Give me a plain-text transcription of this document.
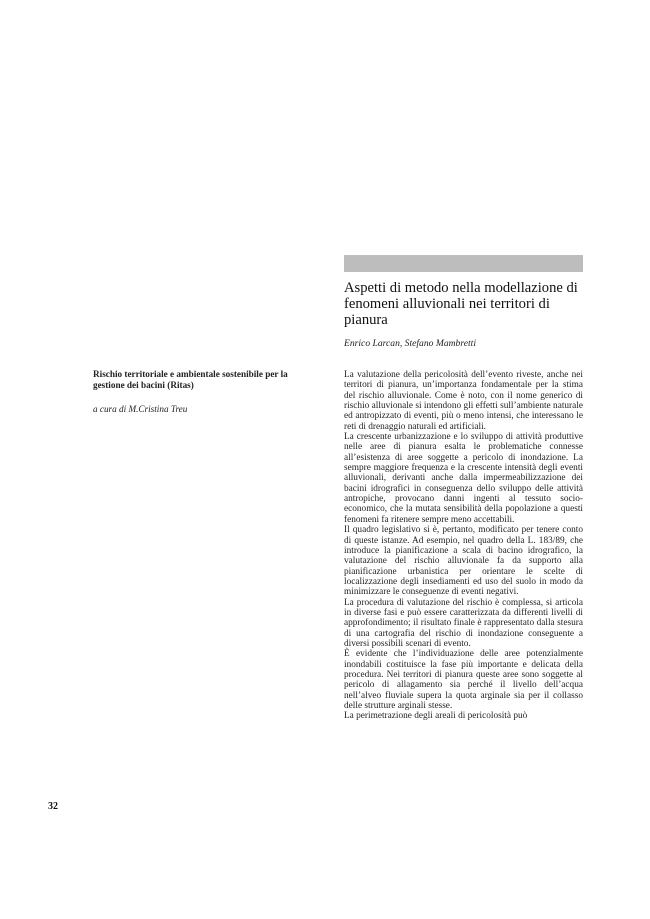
Aspetti di metodo nella modellazione di fenomeni alluvionali nei territori di pianura

Enrico Larcan, Stefano Mambretti

Rischio territoriale e ambientale sostenibile per la gestione dei bacini (Ritas)

a cura di M.Cristina Treu

La valutazione della pericolosità dell’evento riveste, anche nei territori di pianura, un’importanza fondamentale per la stima del rischio alluvionale. Come è noto, con il nome generico di rischio alluvionale si intendono gli effetti sull’ambiente naturale ed antropizzato di eventi, più o meno intensi, che interessano le reti di drenaggio naturali ed artificiali.

La crescente urbanizzazione e lo sviluppo di attività produttive nelle aree di pianura esalta le problematiche connesse all’esistenza di aree soggette a pericolo di inondazione. La sempre maggiore frequenza e la crescente intensità degli eventi alluvionali, derivanti anche dalla impermeabilizzazione dei bacini idrografici in conseguenza dello sviluppo delle attività antropiche, provocano danni ingenti al tessuto socio-economico, che la mutata sensibilità della popolazione a questi fenomeni fa ritenere sempre meno accettabili.

Il quadro legislativo si è, pertanto, modificato per tenere conto di queste istanze. Ad esempio, nel quadro della L. 183/89, che introduce la pianificazione a scala di bacino idrografico, la valutazione del rischio alluvionale fa da supporto alla pianificazione urbanistica per orientare le scelte di localizzazione degli insediamenti ed uso del suolo in modo da minimizzare le conseguenze di eventi negativi.

La procedura di valutazione del rischio è complessa, si articola in diverse fasi e può essere caratterizzata da differenti livelli di approfondimento; il risultato finale è rappresentato dalla stesura di una cartografia del rischio di inondazione conseguente a diversi possibili scenari di evento.

È evidente che l’individuazione delle aree potenzialmente inondabili costituisce la fase più importante e delicata della procedura. Nei territori di pianura queste aree sono soggette al pericolo di allagamento sia perché il livello dell’acqua nell’alveo fluviale supera la quota arginale sia per il collasso delle strutture arginali stesse.

La perimetrazione degli areali di pericolosità può

32
